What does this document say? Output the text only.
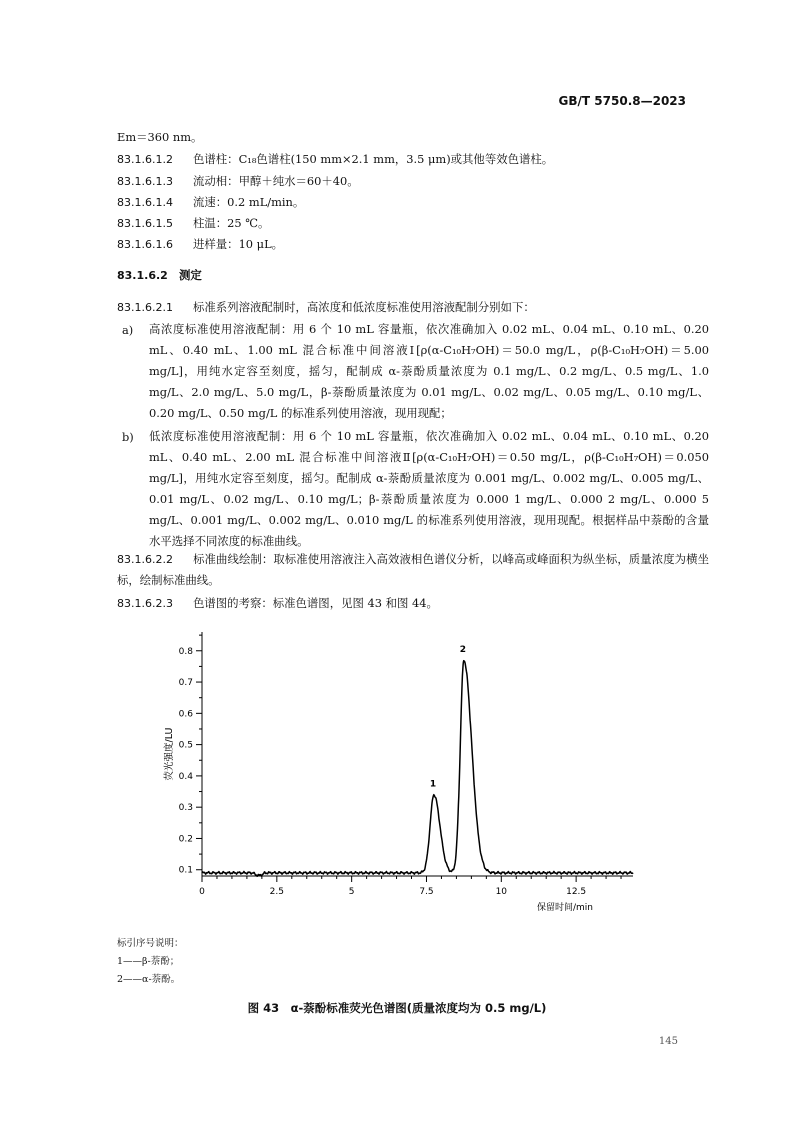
GB/T 5750.8—2023
Em＝360 nm。
83.1.6.1.2 色谱柱：C₁₈色谱柱(150 mm×2.1 mm，3.5 μm)或其他等效色谱柱。
83.1.6.1.3 流动相：甲醇＋纯水＝60＋40。
83.1.6.1.4 流速：0.2 mL/min。
83.1.6.1.5 柱温：25 ℃。
83.1.6.1.6 进样量：10 μL。
83.1.6.2 测定
83.1.6.2.1 标准系列溶液配制时，高浓度和低浓度标准使用溶液配制分别如下：
a) 高浓度标准使用溶液配制：用 6 个 10 mL 容量瓶，依次准确加入 0.02 mL、0.04 mL、0.10 mL、0.20 mL、0.40 mL、1.00 mL 混合标准中间溶液Ⅰ[ρ(α-C₁₀H₇OH)＝50.0 mg/L，ρ(β-C₁₀H₇OH)＝5.00 mg/L]，用纯水定容至刻度，摇匀，配制成 α-萘酚质量浓度为 0.1 mg/L、0.2 mg/L、0.5 mg/L、1.0 mg/L、2.0 mg/L、5.0 mg/L，β-萘酚质量浓度为 0.01 mg/L、0.02 mg/L、0.05 mg/L、0.10 mg/L、0.20 mg/L、0.50 mg/L 的标准系列使用溶液，现用现配；
b) 低浓度标准使用溶液配制：用 6 个 10 mL 容量瓶，依次准确加入 0.02 mL、0.04 mL、0.10 mL、0.20 mL、0.40 mL、2.00 mL 混合标准中间溶液Ⅱ[ρ(α-C₁₀H₇OH)＝0.50 mg/L，ρ(β-C₁₀H₇OH)＝0.050 mg/L]，用纯水定容至刻度，摇匀。配制成 α-萘酚质量浓度为 0.001 mg/L、0.002 mg/L、0.005 mg/L、0.01 mg/L、0.02 mg/L、0.10 mg/L；β-萘酚质量浓度为 0.000 1 mg/L、0.000 2 mg/L、0.000 5 mg/L、0.001 mg/L、0.002 mg/L、0.010 mg/L 的标准系列使用溶液，现用现配。根据样品中萘酚的含量水平选择不同浓度的标准曲线。
83.1.6.2.2 标准曲线绘制：取标准使用溶液注入高效液相色谱仪分析，以峰高或峰面积为纵坐标，质量浓度为横坐标，绘制标准曲线。
83.1.6.2.3 色谱图的考察：标准色谱图，见图 43 和图 44。
0.1
0.2
0.3
0.4
0.5
0.6
0.7
0.8
0	2.5	5	7.5	10	12.5
1
2
荧光强度/LU
保留时间/min
标引序号说明：
1——β-萘酚；
2——α-萘酚。
图 43　α-萘酚标准荧光色谱图(质量浓度均为 0.5 mg/L)
145
